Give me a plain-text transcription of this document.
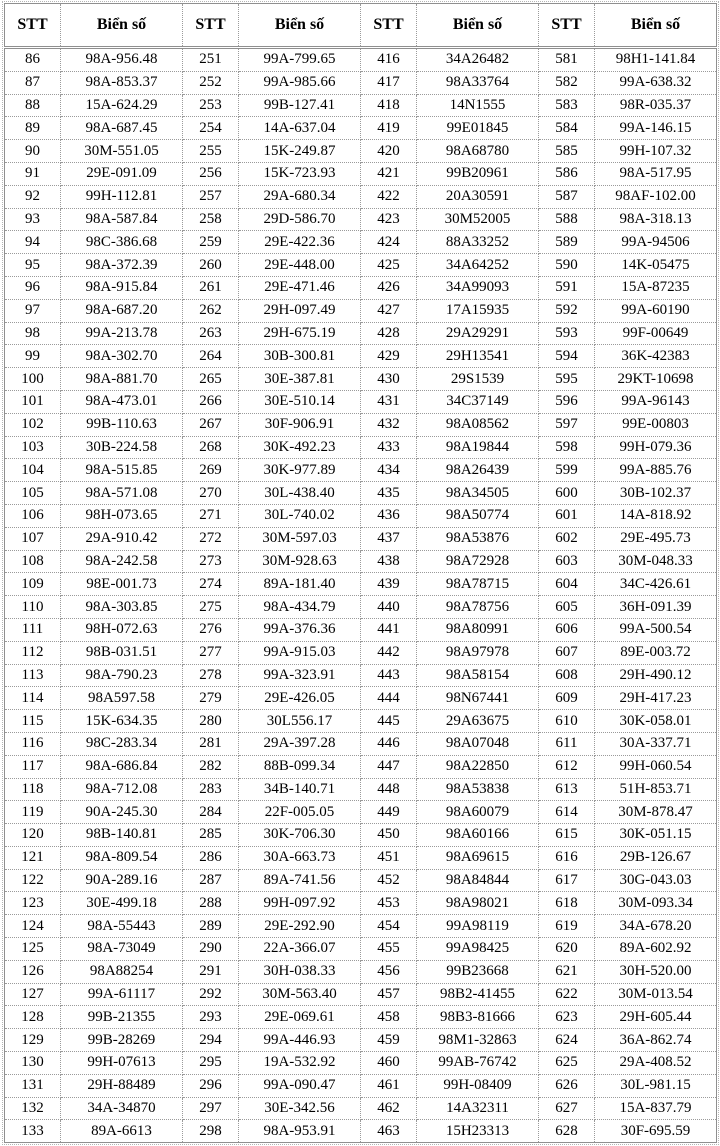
STT	Biển số	STT	Biển số	STT	Biển số	STT	Biển số
86	98A-956.48	251	99A-799.65	416	34A26482	581	98H1-141.84
87	98A-853.37	252	99A-985.66	417	98A33764	582	99A-638.32
88	15A-624.29	253	99B-127.41	418	14N1555	583	98R-035.37
89	98A-687.45	254	14A-637.04	419	99E01845	584	99A-146.15
90	30M-551.05	255	15K-249.87	420	98A68780	585	99H-107.32
91	29E-091.09	256	15K-723.93	421	99B20961	586	98A-517.95
92	99H-112.81	257	29A-680.34	422	20A30591	587	98AF-102.00
93	98A-587.84	258	29D-586.70	423	30M52005	588	98A-318.13
94	98C-386.68	259	29E-422.36	424	88A33252	589	99A-94506
95	98A-372.39	260	29E-448.00	425	34A64252	590	14K-05475
96	98A-915.84	261	29E-471.46	426	34A99093	591	15A-87235
97	98A-687.20	262	29H-097.49	427	17A15935	592	99A-60190
98	99A-213.78	263	29H-675.19	428	29A29291	593	99F-00649
99	98A-302.70	264	30B-300.81	429	29H13541	594	36K-42383
100	98A-881.70	265	30E-387.81	430	29S1539	595	29KT-10698
101	98A-473.01	266	30E-510.14	431	34C37149	596	99A-96143
102	99B-110.63	267	30F-906.91	432	98A08562	597	99E-00803
103	30B-224.58	268	30K-492.23	433	98A19844	598	99H-079.36
104	98A-515.85	269	30K-977.89	434	98A26439	599	99A-885.76
105	98A-571.08	270	30L-438.40	435	98A34505	600	30B-102.37
106	98H-073.65	271	30L-740.02	436	98A50774	601	14A-818.92
107	29A-910.42	272	30M-597.03	437	98A53876	602	29E-495.73
108	98A-242.58	273	30M-928.63	438	98A72928	603	30M-048.33
109	98E-001.73	274	89A-181.40	439	98A78715	604	34C-426.61
110	98A-303.85	275	98A-434.79	440	98A78756	605	36H-091.39
111	98H-072.63	276	99A-376.36	441	98A80991	606	99A-500.54
112	98B-031.51	277	99A-915.03	442	98A97978	607	89E-003.72
113	98A-790.23	278	99A-323.91	443	98A58154	608	29H-490.12
114	98A597.58	279	29E-426.05	444	98N67441	609	29H-417.23
115	15K-634.35	280	30L556.17	445	29A63675	610	30K-058.01
116	98C-283.34	281	29A-397.28	446	98A07048	611	30A-337.71
117	98A-686.84	282	88B-099.34	447	98A22850	612	99H-060.54
118	98A-712.08	283	34B-140.71	448	98A53838	613	51H-853.71
119	90A-245.30	284	22F-005.05	449	98A60079	614	30M-878.47
120	98B-140.81	285	30K-706.30	450	98A60166	615	30K-051.15
121	98A-809.54	286	30A-663.73	451	98A69615	616	29B-126.67
122	90A-289.16	287	89A-741.56	452	98A84844	617	30G-043.03
123	30E-499.18	288	99H-097.92	453	98A98021	618	30M-093.34
124	98A-55443	289	29E-292.90	454	99A98119	619	34A-678.20
125	98A-73049	290	22A-366.07	455	99A98425	620	89A-602.92
126	98A88254	291	30H-038.33	456	99B23668	621	30H-520.00
127	99A-61117	292	30M-563.40	457	98B2-41455	622	30M-013.54
128	99B-21355	293	29E-069.61	458	98B3-81666	623	29H-605.44
129	99B-28269	294	99A-446.93	459	98M1-32863	624	36A-862.74
130	99H-07613	295	19A-532.92	460	99AB-76742	625	29A-408.52
131	29H-88489	296	99A-090.47	461	99H-08409	626	30L-981.15
132	34A-34870	297	30E-342.56	462	14A32311	627	15A-837.79
133	89A-6613	298	98A-953.91	463	15H23313	628	30F-695.59
